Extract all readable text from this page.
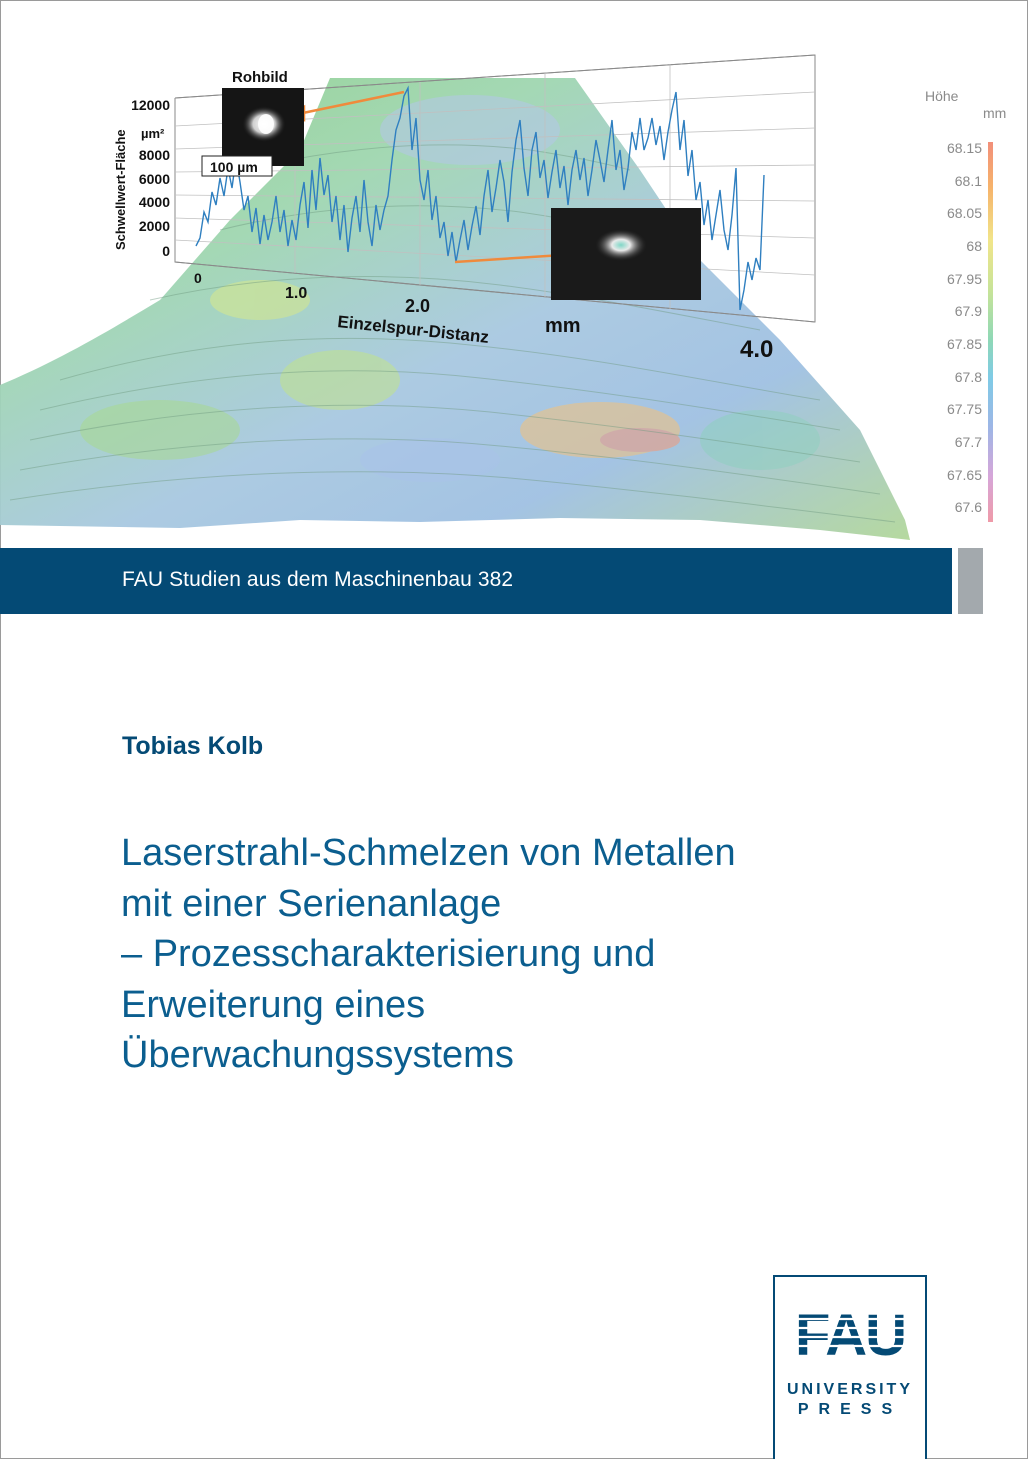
Rohbild
100 µm
Schwellwert-Fläche µm²
12000
8000
6000
4000
2000
0
10000
0
1.0
2.0
mm
4.0
Einzelspur-Distanz
Höhe
mm
68.15
68.1
68.05
68
67.95
67.9
67.85
67.8
67.75
67.7
67.65
67.6
FAU Studien aus dem Maschinenbau 382
Tobias Kolb
Laserstrahl-Schmelzen von Metallen
mit einer Serienanlage
– Prozesscharakterisierung und
Erweiterung eines
Überwachungssystems
FAU
UNIVERSITY
PRESS
